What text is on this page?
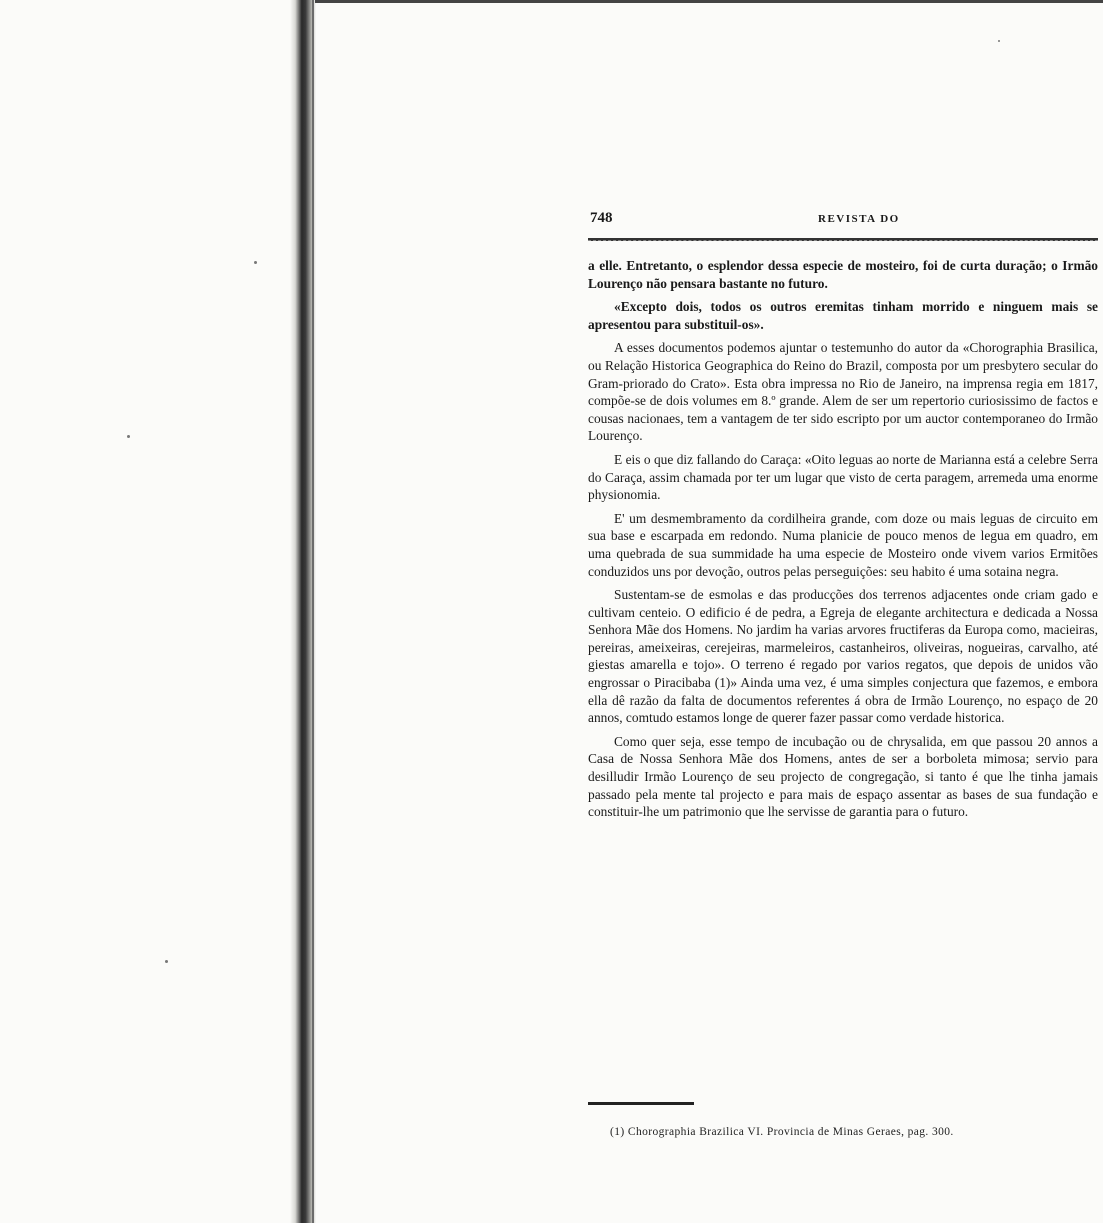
748	REVISTA DO

a elle. Entretanto, o esplendor dessa especie de mosteiro, foi de curta duração; o Irmão Lourenço não pensara bastante no futuro.

«Excepto dois, todos os outros eremitas tinham morrido e ninguem mais se apresentou para substituil-os».

A esses documentos podemos ajuntar o testemunho do autor da «Chorographia Brasilica, ou Relação Historica Geographica do Reino do Brazil, composta por um presbytero secular do Gram-priorado do Crato». Esta obra impressa no Rio de Janeiro, na imprensa regia em 1817, compõe-se de dois volumes em 8.º grande. Alem de ser um repertorio curiosissimo de factos e cousas nacionaes, tem a vantagem de ter sido escripto por um auctor contemporaneo do Irmão Lourenço.

E eis o que diz fallando do Caraça: «Oito leguas ao norte de Marianna está a celebre Serra do Caraça, assim chamada por ter um lugar que visto de certa paragem, arremeda uma enorme physionomia.

E' um desmembramento da cordilheira grande, com doze ou mais leguas de circuito em sua base e escarpada em redondo. Numa planicie de pouco menos de legua em quadro, em uma quebrada de sua summidade ha uma especie de Mosteiro onde vivem varios Ermitões conduzidos uns por devoção, outros pelas perseguições: seu habito é uma sotaina negra.

Sustentam-se de esmolas e das producções dos terrenos adjacentes onde criam gado e cultivam centeio. O edificio é de pedra, a Egreja de elegante architectura e dedicada a Nossa Senhora Mãe dos Homens. No jardim ha varias arvores fructiferas da Europa como, macieiras, pereiras, ameixeiras, cerejeiras, marmeleiros, castanheiros, oliveiras, nogueiras, carvalho, até giestas amarella e tojo». O terreno é regado por varios regatos, que depois de unidos vão engrossar o Piracibaba (1)» Ainda uma vez, é uma simples conjectura que fazemos, e embora ella dê razão da falta de documentos referentes á obra de Irmão Lourenço, no espaço de 20 annos, comtudo estamos longe de querer fazer passar como verdade historica.

Como quer seja, esse tempo de incubação ou de chrysalida, em que passou 20 annos a Casa de Nossa Senhora Mãe dos Homens, antes de ser a borboleta mimosa; servio para desilludir Irmão Lourenço de seu projecto de congregação, si tanto é que lhe tinha jamais passado pela mente tal projecto e para mais de espaço assentar as bases de sua fundação e constituir-lhe um patrimonio que lhe servisse de garantia para o futuro.

(1) Chorographia Brazilica VI. Provincia de Minas Geraes, pag. 300.
